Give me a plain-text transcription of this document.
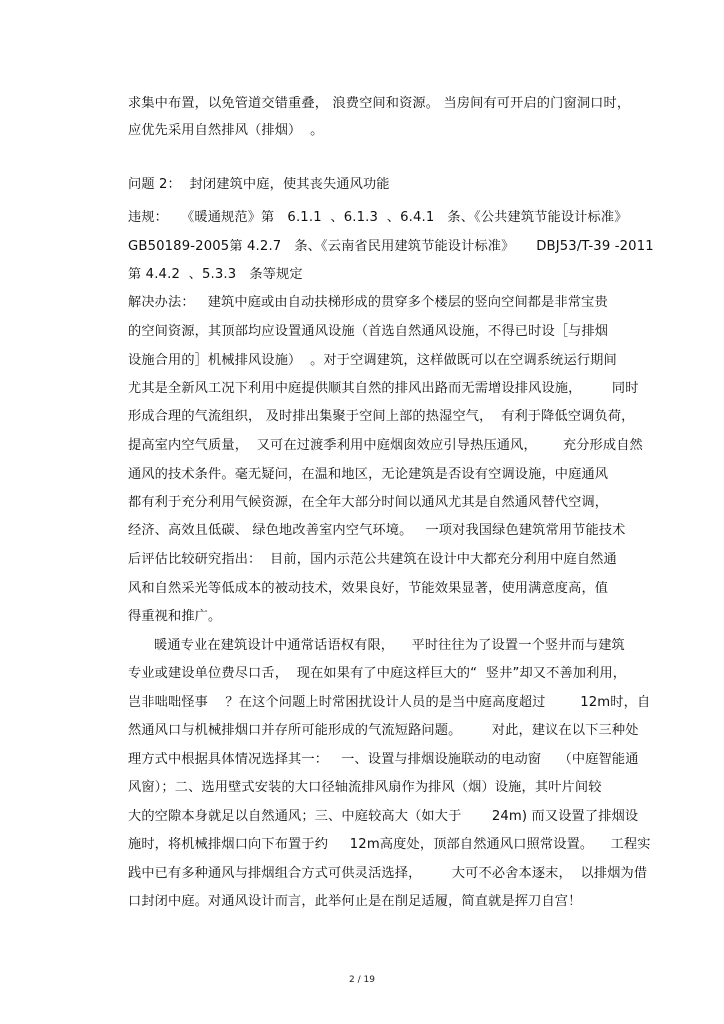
求集中布置，以免管道交错重叠， 浪费空间和资源。 当房间有可开启的门窗洞口时，
应优先采用自然排风（排烟）  。
问题 2：  封闭建筑中庭，使其丧失通风功能
违规：   《暖通规范》第   6.1.1  、6.1.3  、6.4.1   条、《公共建筑节能设计标准》
GB50189-2005第 4.2.7   条、《云南省民用建筑节能设计标准》     DBJ53/T-39 -2011
第 4.4.2  、5.3.3   条等规定
解决办法：   建筑中庭或由自动扶梯形成的贯穿多个楼层的竖向空间都是非常宝贵
的空间资源，其顶部均应设置通风设施（首选自然通风设施，不得已时设［与排烟
设施合用的］机械排风设施）  。对于空调建筑，这样做既可以在空调系统运行期间
尤其是全新风工况下利用中庭提供顺其自然的排风出路而无需增设排风设施，       同时
形成合理的气流组织， 及时排出集聚于空间上部的热湿空气，  有利于降低空调负荷，
提高室内空气质量，  又可在过渡季利用中庭烟囱效应引导热压通风，      充分形成自然
通风的技术条件。毫无疑问，在温和地区，无论建筑是否设有空调设施，中庭通风
都有利于充分利用气候资源，在全年大部分时间以通风尤其是自然通风替代空调，
经济、高效且低碳、 绿色地改善室内空气环境。   一项对我国绿色建筑常用节能技术
后评估比较研究指出：  目前，国内示范公共建筑在设计中大都充分利用中庭自然通
风和自然采光等低成本的被动技术，效果良好，节能效果显著，使用满意度高，值
得重视和推广。
暖通专业在建筑设计中通常话语权有限，    平时往往为了设置一个竖井而与建筑
专业或建设单位费尽口舌，  现在如果有了中庭这样巨大的“  竖井”却又不善加利用，
岂非咄咄怪事    ？在这个问题上时常困扰设计人员的是当中庭高度超过        12m时，自
然通风口与机械排烟口并存所可能形成的气流短路问题。       对此，建议在以下三种处
理方式中根据具体情况选择其一：   一、设置与排烟设施联动的电动窗    （中庭智能通
风窗）；二、选用壁式安装的大口径轴流排风扇作为排风（烟）设施，其叶片间较
大的空隙本身就足以自然通风；三、中庭较高大（如大于       24m) 而又设置了排烟设
施时，将机械排烟口向下布置于约     12m高度处，顶部自然通风口照常设置。    工程实
践中已有多种通风与排烟组合方式可供灵活选择，       大可不必舍本逐末，  以排烟为借
口封闭中庭。对通风设计而言，此举何止是在削足适履，简直就是挥刀自宫！
2 / 19
